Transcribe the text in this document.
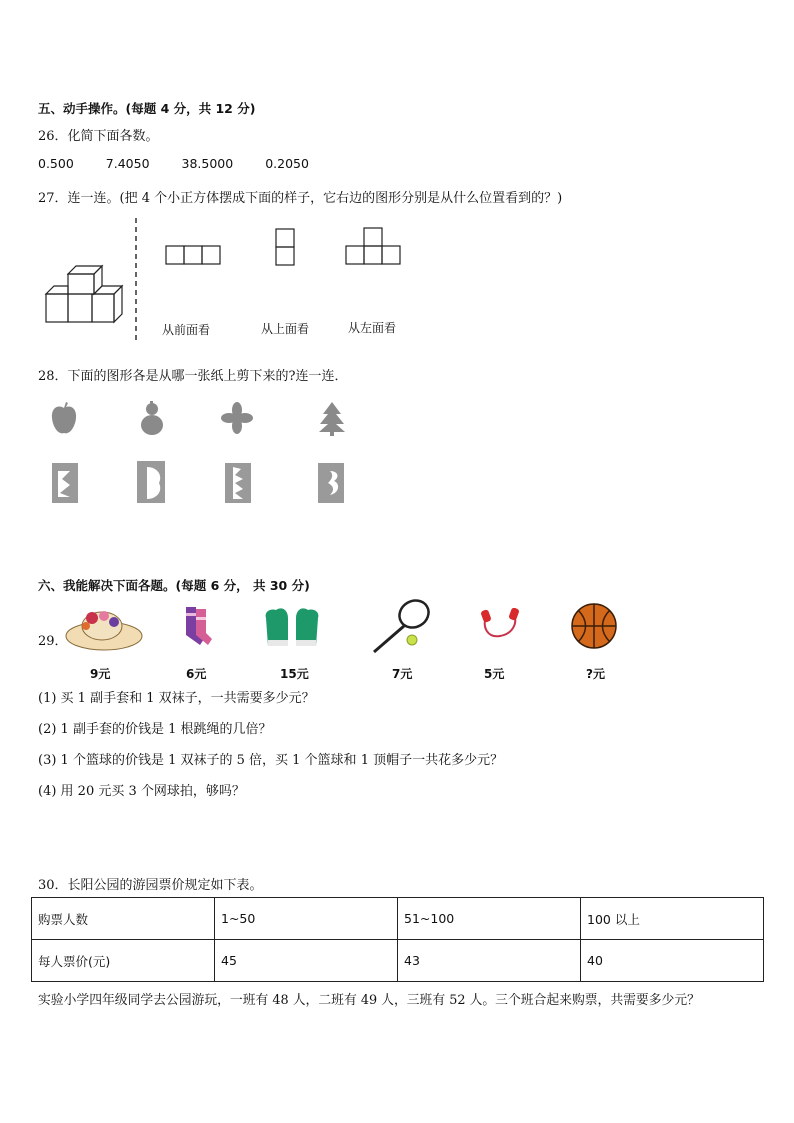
五、动手操作。(每题 4 分，共 12 分)
26．化简下面各数。
0.500	7.4050	38.5000	0.2050
27．连一连。(把 4 个小正方体摆成下面的样子，它右边的图形分别是从什么位置看到的？)
从前面看	从上面看	从左面看
28．下面的图形各是从哪一张纸上剪下来的?连一连．
六、我能解决下面各题。(每题 6 分， 共 30 分)
29．
9元	6元	15元	7元	5元	?元
(1) 买 1 副手套和 1 双袜子，一共需要多少元？
(2) 1 副手套的价钱是 1 根跳绳的几倍？
(3) 1 个篮球的价钱是 1 双袜子的 5 倍，买 1 个篮球和 1 顶帽子一共花多少元？
(4) 用 20 元买 3 个网球拍，够吗？
30．长阳公园的游园票价规定如下表。
购票人数	1~50	51~100	100 以上
每人票价(元)	45	43	40
实验小学四年级同学去公园游玩，一班有 48 人，二班有 49 人，三班有 52 人。三个班合起来购票，共需要多少元？
